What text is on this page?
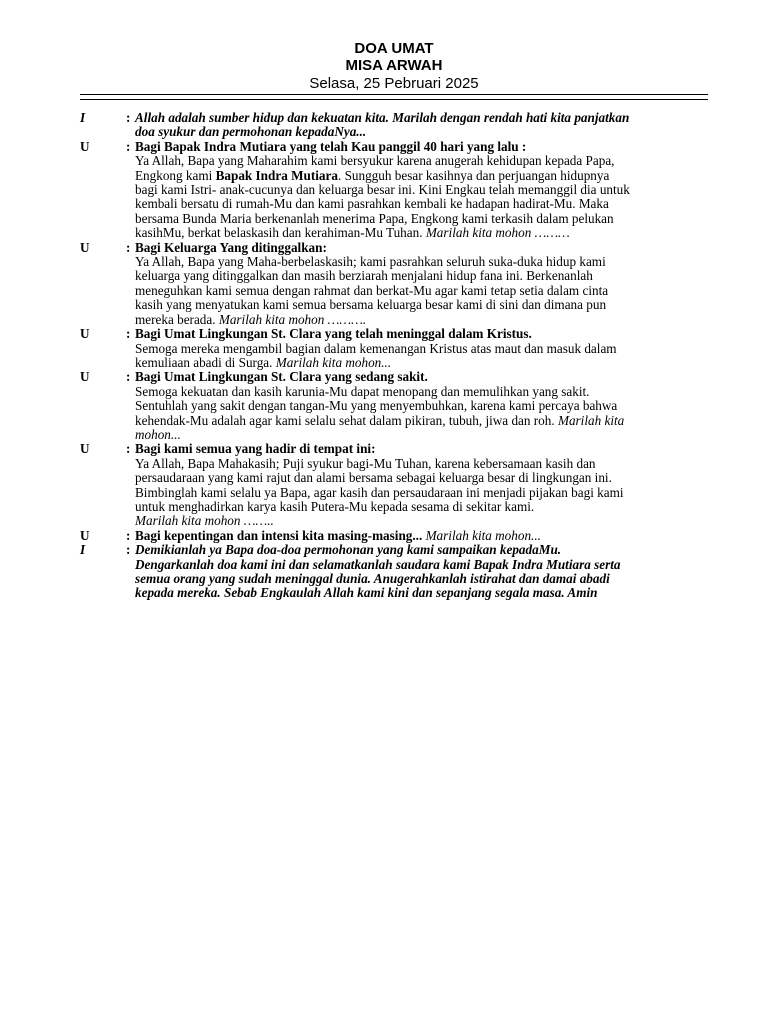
DOA UMAT
MISA ARWAH
Selasa, 25 Pebruari 2025
I	: Allah adalah sumber hidup dan kekuatan kita. Marilah dengan rendah hati kita panjatkan
doa syukur dan permohonan kepadaNya...
U	: Bagi Bapak Indra Mutiara yang telah Kau panggil 40 hari yang lalu :
Ya Allah, Bapa yang Maharahim kami bersyukur karena anugerah kehidupan kepada Papa,
Engkong kami Bapak Indra Mutiara. Sungguh besar kasihnya dan perjuangan hidupnya
bagi kami Istri- anak-cucunya dan keluarga besar ini. Kini Engkau telah memanggil dia untuk
kembali bersatu di rumah-Mu dan kami pasrahkan kembali ke hadapan hadirat-Mu. Maka
bersama Bunda Maria berkenanlah menerima Papa, Engkong kami terkasih dalam pelukan
kasihMu, berkat belaskasih dan kerahiman-Mu Tuhan. Marilah kita mohon ………
U	: Bagi Keluarga Yang ditinggalkan:
Ya Allah, Bapa yang Maha-berbelaskasih; kami pasrahkan seluruh suka-duka hidup kami
keluarga yang ditinggalkan dan masih berziarah menjalani hidup fana ini. Berkenanlah
meneguhkan kami semua dengan rahmat dan berkat-Mu agar kami tetap setia dalam cinta
kasih yang menyatukan kami semua bersama keluarga besar kami di sini dan dimana pun
mereka berada. Marilah kita mohon ……….
U	: Bagi Umat Lingkungan St. Clara yang telah meninggal dalam Kristus.
Semoga mereka mengambil bagian dalam kemenangan Kristus atas maut dan masuk dalam
kemuliaan abadi di Surga. Marilah kita mohon...
U	: Bagi Umat Lingkungan St. Clara yang sedang sakit.
Semoga kekuatan dan kasih karunia-Mu dapat menopang dan memulihkan yang sakit.
Sentuhlah yang sakit dengan tangan-Mu yang menyembuhkan, karena kami percaya bahwa
kehendak-Mu adalah agar kami selalu sehat dalam pikiran, tubuh, jiwa dan roh. Marilah kita
mohon...
U	: Bagi kami semua yang hadir di tempat ini:
Ya Allah, Bapa Mahakasih; Puji syukur bagi-Mu Tuhan, karena kebersamaan kasih dan
persaudaraan yang kami rajut dan alami bersama sebagai keluarga besar di lingkungan ini.
Bimbinglah kami selalu ya Bapa, agar kasih dan persaudaraan ini menjadi pijakan bagi kami
untuk menghadirkan karya kasih Putera-Mu kepada sesama di sekitar kami.
Marilah kita mohon ……..
U	: Bagi kepentingan dan intensi kita masing-masing... Marilah kita mohon...
I	: Demikianlah ya Bapa doa-doa permohonan yang kami sampaikan kepadaMu.
Dengarkanlah doa kami ini dan selamatkanlah saudara kami Bapak Indra Mutiara serta
semua orang yang sudah meninggal dunia. Anugerahkanlah istirahat dan damai abadi
kepada mereka. Sebab Engkaulah Allah kami kini dan sepanjang segala masa. Amin
